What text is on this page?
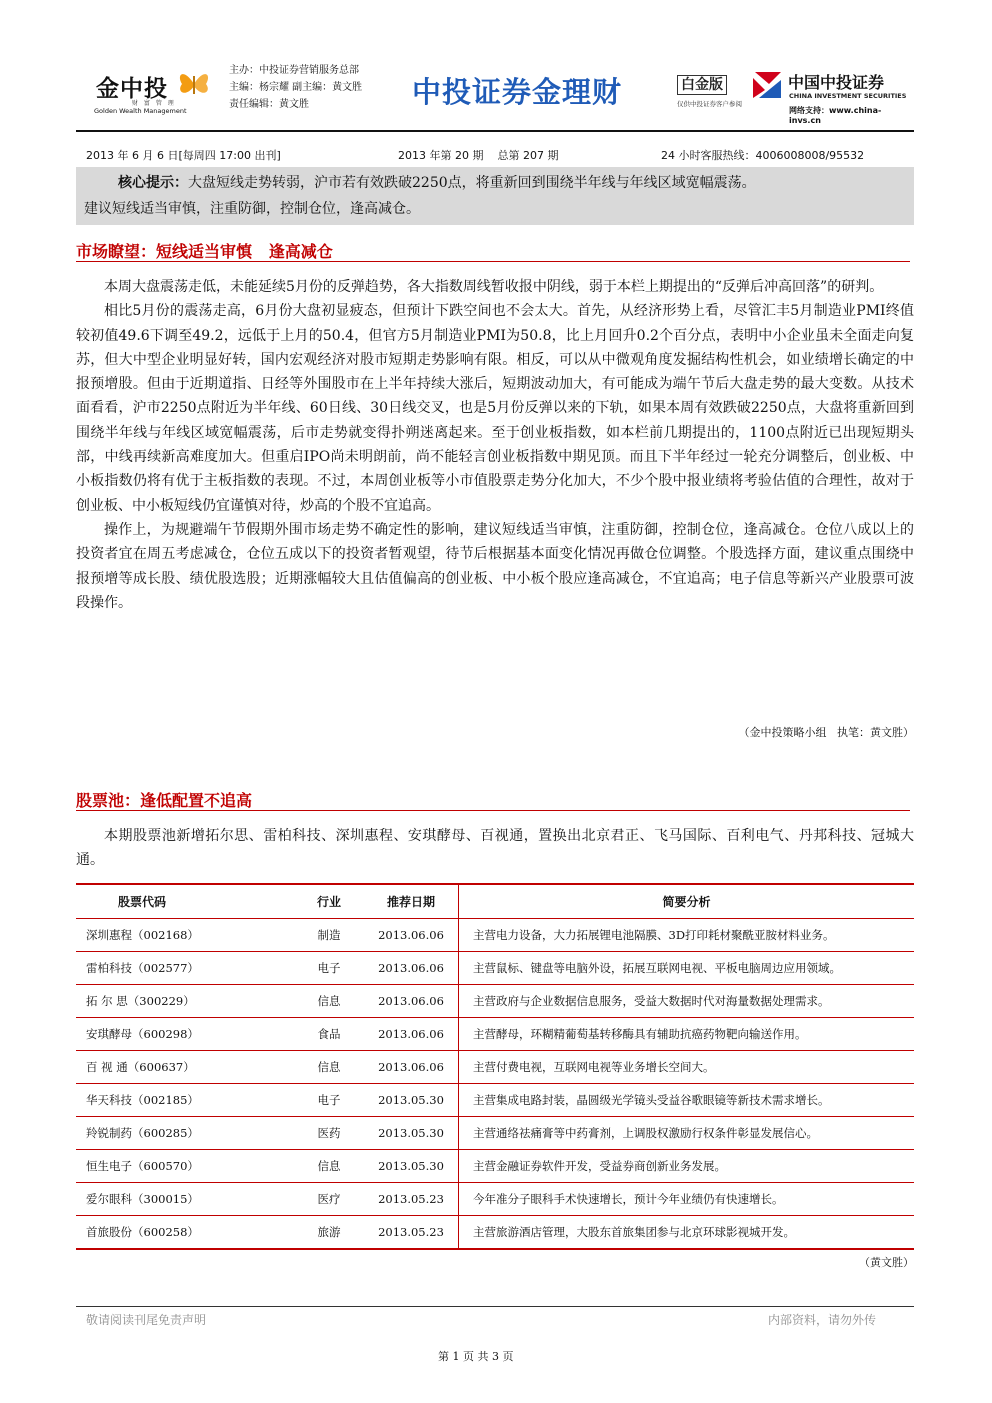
金中投
财 富 管 理
Golden Wealth Management
主办：中投证券营销服务总部
主编：杨宗耀 副主编：黄文胜
责任编辑：黄文胜	中投证券金理财	白金版
仅供中投证券客户参阅
中国中投证券
CHINA INVESTMENT SECURITIES
网络支持：www.china-invs.cn
2013 年 6 月 6 日[每周四 17:00 出刊]	2013 年第 20 期    总第 207 期	24 小时客服热线：4006008008/95532
核心提示：大盘短线走势转弱，沪市若有效跌破2250点，将重新回到围绕半年线与年线区域宽幅震荡。
建议短线适当审慎，注重防御，控制仓位，逢高减仓。
市场瞭望：短线适当审慎   逢高减仓

本周大盘震荡走低，未能延续5月份的反弹趋势，各大指数周线暂收报中阴线，弱于本栏上期提出的“反弹后冲高回落”的研判。

相比5月份的震荡走高，6月份大盘初显疲态，但预计下跌空间也不会太大。首先，从经济形势上看，尽管汇丰5月制造业PMI终值较初值49.6下调至49.2，远低于上月的50.4，但官方5月制造业PMI为50.8，比上月回升0.2个百分点，表明中小企业虽未全面走向复苏，但大中型企业明显好转，国内宏观经济对股市短期走势影响有限。相反，可以从中微观角度发掘结构性机会，如业绩增长确定的中报预增股。但由于近期道指、日经等外围股市在上半年持续大涨后，短期波动加大，有可能成为端午节后大盘走势的最大变数。从技术面看看，沪市2250点附近为半年线、60日线、30日线交叉，也是5月份反弹以来的下轨，如果本周有效跌破2250点，大盘将重新回到围绕半年线与年线区域宽幅震荡，后市走势就变得扑朔迷离起来。至于创业板指数，如本栏前几期提出的，1100点附近已出现短期头部，中线再续新高难度加大。但重启IPO尚未明朗前，尚不能轻言创业板指数中期见顶。而且下半年经过一轮充分调整后，创业板、中小板指数仍将有优于主板指数的表现。不过，本周创业板等小市值股票走势分化加大，不少个股中报业绩将考验估值的合理性，故对于创业板、中小板短线仍宜谨慎对待，炒高的个股不宜追高。

操作上，为规避端午节假期外围市场走势不确定性的影响，建议短线适当审慎，注重防御，控制仓位，逢高减仓。仓位八成以上的投资者宜在周五考虑减仓，仓位五成以下的投资者暂观望，待节后根据基本面变化情况再做仓位调整。个股选择方面，建议重点围绕中报预增等成长股、绩优股选股；近期涨幅较大且估值偏高的创业板、中小板个股应逢高减仓，不宜追高；电子信息等新兴产业股票可波段操作。

（金中投策略小组   执笔：黄文胜）
股票池：逢低配置不追高

本期股票池新增拓尔思、雷柏科技、深圳惠程、安琪酵母、百视通，置换出北京君正、飞马国际、百利电气、丹邦科技、冠城大通。

股票代码	行业	推荐日期	简要分析
深圳惠程（002168）	制造	2013.06.06	主营电力设备，大力拓展锂电池隔膜、3D打印耗材聚酰亚胺材料业务。
雷柏科技（002577）	电子	2013.06.06	主营鼠标、键盘等电脑外设，拓展互联网电视、平板电脑周边应用领域。
拓 尔 思（300229）	信息	2013.06.06	主营政府与企业数据信息服务，受益大数据时代对海量数据处理需求。
安琪酵母（600298）	食品	2013.06.06	主营酵母，环糊精葡萄基转移酶具有辅助抗癌药物靶向输送作用。
百 视 通（600637）	信息	2013.06.06	主营付费电视，互联网电视等业务增长空间大。
华天科技（002185）	电子	2013.05.30	主营集成电路封装，晶圆级光学镜头受益谷歌眼镜等新技术需求增长。
羚锐制药（600285）	医药	2013.05.30	主营通络祛痛膏等中药膏剂，上调股权激励行权条件彰显发展信心。
恒生电子（600570）	信息	2013.05.30	主营金融证券软件开发，受益券商创新业务发展。
爱尔眼科（300015）	医疗	2013.05.23	今年准分子眼科手术快速增长，预计今年业绩仍有快速增长。
首旅股份（600258）	旅游	2013.05.23	主营旅游酒店管理，大股东首旅集团参与北京环球影视城开发。
（黄文胜）
敬请阅读刊尾免责声明	内部资料，请勿外传
第 1 页 共 3 页
